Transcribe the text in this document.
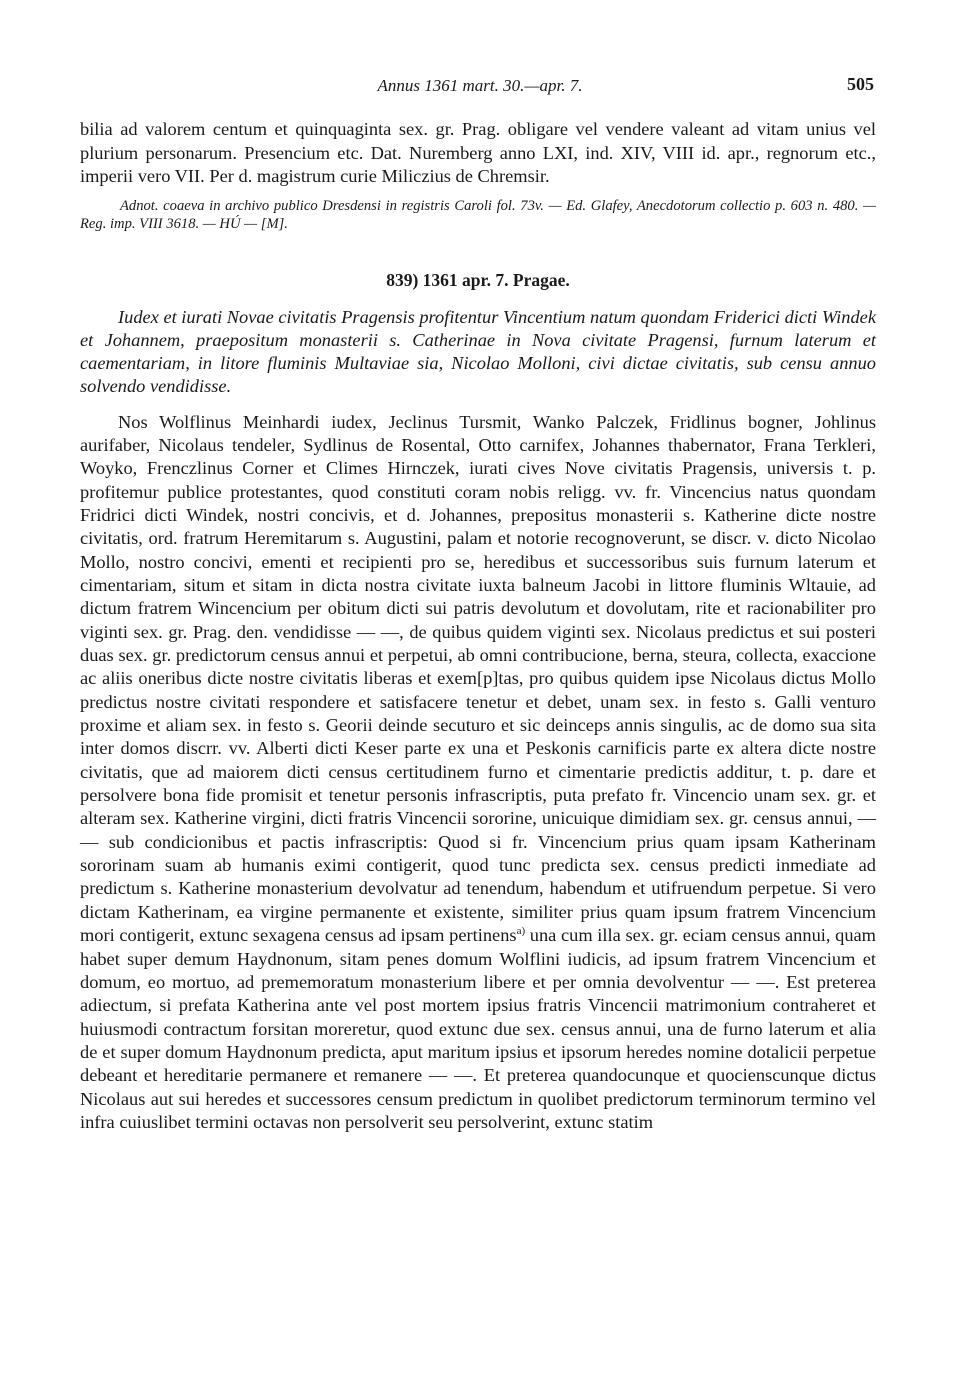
Annus 1361 mart. 30.—apr. 7.	505

bilia ad valorem centum et quinquaginta sex. gr. Prag. obligare vel vendere valeant ad vitam unius vel plurium personarum. Presencium etc. Dat. Nuremberg anno LXI, ind. XIV, VIII id. apr., regnorum etc., imperii vero VII. Per d. magistrum curie Miliczius de Chremsir.

Adnot. coaeva in archivo publico Dresdensi in registris Caroli fol. 73v. — Ed. Glafey, Anecdotorum collectio p. 603 n. 480. — Reg. imp. VIII 3618. — HÚ — [M].

839) 1361 apr. 7. Pragae.

Iudex et iurati Novae civitatis Pragensis profitentur Vincentium natum quondam Friderici dicti Windek et Johannem, praepositum monasterii s. Catherinae in Nova civitate Pragensi, furnum laterum et caementariam, in litore fluminis Multaviae sia, Nicolao Molloni, civi dictae civitatis, sub censu annuo solvendo vendidisse.

Nos Wolflinus Meinhardi iudex, Jeclinus Tursmit, Wanko Palczek, Fridlinus bogner, Johlinus aurifaber, Nicolaus tendeler, Sydlinus de Rosental, Otto carnifex, Johannes thabernator, Frana Terkleri, Woyko, Frenczlinus Corner et Climes Hirnczek, iurati cives Nove civitatis Pragensis, universis t. p. profitemur publice protestantes, quod constituti coram nobis religg. vv. fr. Vincencius natus quondam Fridrici dicti Windek, nostri concivis, et d. Johannes, prepositus monasterii s. Katherine dicte nostre civitatis, ord. fratrum Heremitarum s. Augustini, palam et notorie recognoverunt, se discr. v. dicto Nicolao Mollo, nostro concivi, ementi et recipienti pro se, heredibus et successoribus suis furnum laterum et cimentariam, situm et sitam in dicta nostra civitate iuxta balneum Jacobi in littore fluminis Wltauie, ad dictum fratrem Wincencium per obitum dicti sui patris devolutum et dovolutam, rite et racionabiliter pro viginti sex. gr. Prag. den. vendidisse — —, de quibus quidem viginti sex. Nicolaus predictus et sui posteri duas sex. gr. predictorum census annui et perpetui, ab omni contribucione, berna, steura, collecta, exaccione ac aliis oneribus dicte nostre civitatis liberas et exem[p]tas, pro quibus quidem ipse Nicolaus dictus Mollo predictus nostre civitati respondere et satisfacere tenetur et debet, unam sex. in festo s. Galli venturo proxime et aliam sex. in festo s. Georii deinde secuturo et sic deinceps annis singulis, ac de domo sua sita inter domos discrr. vv. Alberti dicti Keser parte ex una et Peskonis carnificis parte ex altera dicte nostre civitatis, que ad maiorem dicti census certitudinem furno et cimentarie predictis additur, t. p. dare et persolvere bona fide promisit et tenetur personis infrascriptis, puta prefato fr. Vincencio unam sex. gr. et alteram sex. Katherine virgini, dicti fratris Vincencii sororine, unicuique dimidiam sex. gr. census annui, — — sub condicionibus et pactis infrascriptis: Quod si fr. Vincencium prius quam ipsam Katherinam sororinam suam ab humanis eximi contigerit, quod tunc predicta sex. census predicti inmediate ad predictum s. Katherine monasterium devolvatur ad tenendum, habendum et utifruendum perpetue. Si vero dictam Katherinam, ea virgine permanente et existente, similiter prius quam ipsum fratrem Vincencium mori contigerit, extunc sexagena census ad ipsam pertinens$^{a)}$ una cum illa sex. gr. eciam census annui, quam habet super demum Haydnonum, sitam penes domum Wolflini iudicis, ad ipsum fratrem Vincencium et domum, eo mortuo, ad prememoratum monasterium libere et per omnia devolventur — —. Est preterea adiectum, si prefata Katherina ante vel post mortem ipsius fratris Vincencii matrimonium contraheret et huiusmodi contractum forsitan moreretur, quod extunc due sex. census annui, una de furno laterum et alia de et super domum Haydnonum predicta, aput maritum ipsius et ipsorum heredes nomine dotalicii perpetue debeant et hereditarie permanere et remanere — —. Et preterea quandocunque et quocienscunque dictus Nicolaus aut sui heredes et successores censum predictum in quolibet predictorum terminorum termino vel infra cuiuslibet termini octavas non persolverit seu persolverint, extunc statim
